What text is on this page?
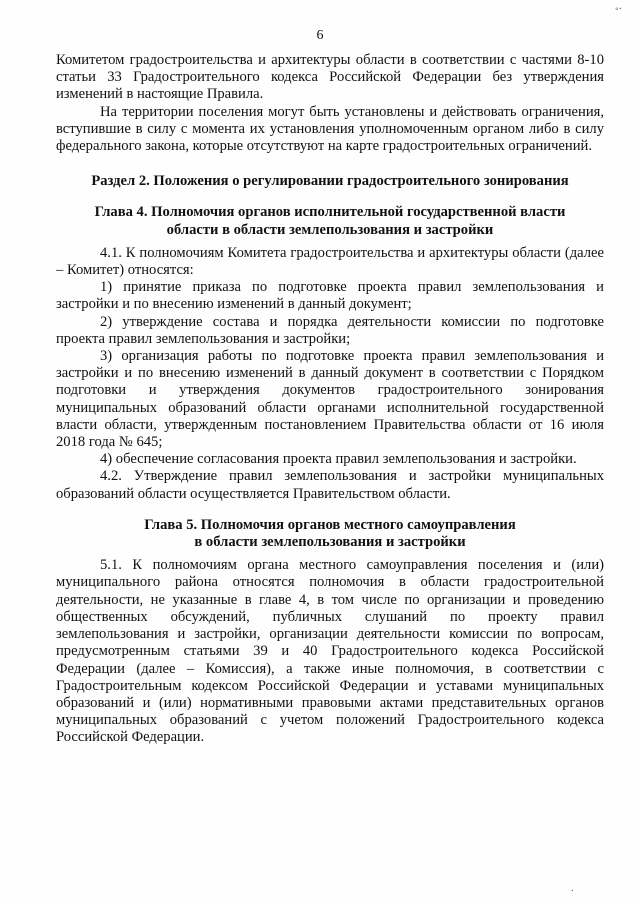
6

Комитетом градостроительства и архитектуры области в соответствии с частями 8-10 статьи 33 Градостроительного кодекса Российской Федерации без утверждения изменений в настоящие Правила.

На территории поселения могут быть установлены и действовать ограничения, вступившие в силу с момента их установления уполномоченным органом либо в силу федерального закона, которые отсутствуют на карте градостроительных ограничений.

Раздел 2. Положения о регулировании градостроительного зонирования
Глава 4. Полномочия органов исполнительной государственной власти
области в области землепользования и застройки

4.1. К полномочиям Комитета градостроительства и архитектуры области (далее – Комитет) относятся:

1) принятие приказа по подготовке проекта правил землепользования и застройки и по внесению изменений в данный документ;

2) утверждение состава и порядка деятельности комиссии по подготовке проекта правил землепользования и застройки;

3) организация работы по подготовке проекта правил землепользования и застройки и по внесению изменений в данный документ в соответствии с Порядком подготовки и утверждения документов градостроительного зонирования муниципальных образований области органами исполнительной государственной власти области, утвержденным постановлением Правительства области от 16 июля 2018 года № 645;

4) обеспечение согласования проекта правил землепользования и застройки.

4.2. Утверждение правил землепользования и застройки муниципальных образований области осуществляется Правительством области.

Глава 5. Полномочия органов местного самоуправления
в области землепользования и застройки

5.1. К полномочиям органа местного самоуправления поселения и (или) муниципального района относятся полномочия в области градостроительной деятельности, не указанные в главе 4, в том числе по организации и проведению общественных обсуждений, публичных слушаний по проекту правил землепользования и застройки, организации деятельности комиссии по вопросам, предусмотренным статьями 39 и 40 Градостроительного кодекса Российской Федерации (далее – Комиссия), а также иные полномочия, в соответствии с Градостроительным кодексом Российской Федерации и уставами муниципальных образований и (или) нормативными правовыми актами представительных органов муниципальных образований с учетом положений Градостроительного кодекса Российской Федерации.

◦·
·
